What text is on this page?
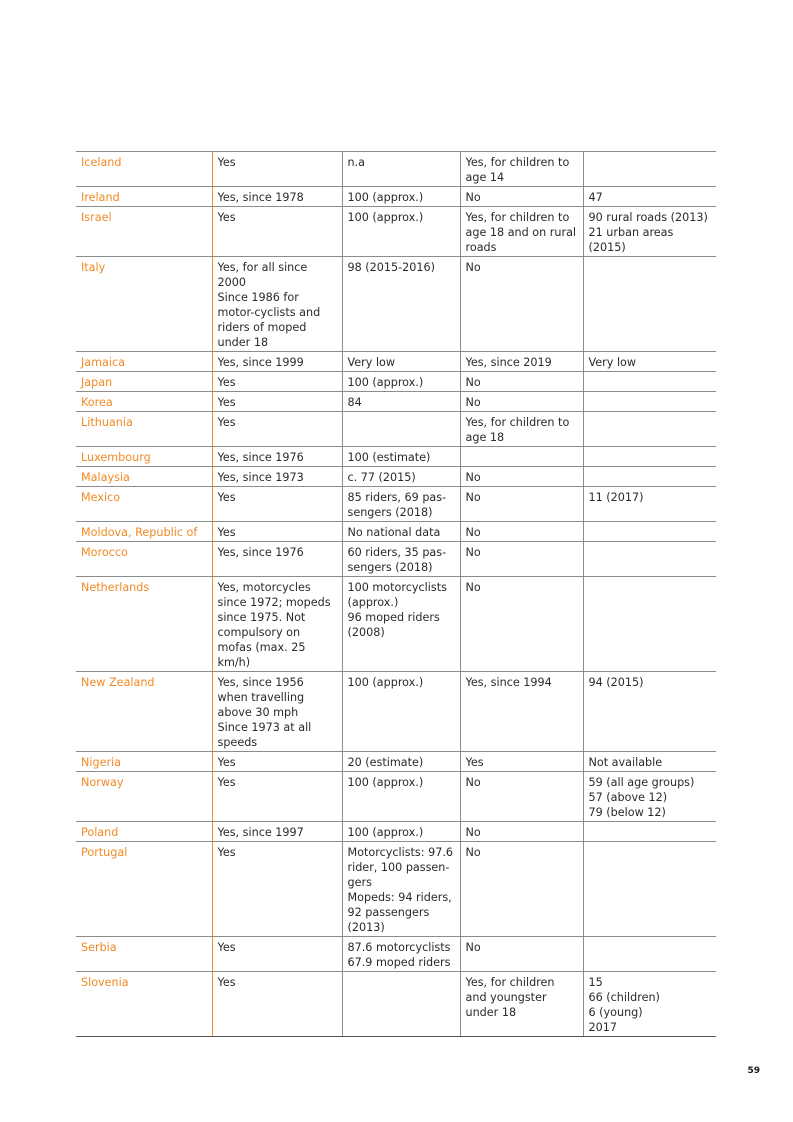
Iceland	Yes	n.a	Yes, for children to age 14	

Ireland	Yes, since 1978	100 (approx.)	No	47

Israel	Yes	100 (approx.)	Yes, for children to age 18 and on rural roads	90 rural roads (2013)
21 urban areas (2015)

Italy	Yes, for all since 2000
Since 1986 for motor-cyclists and riders of moped under 18	98 (2015-2016)	No	

Jamaica	Yes, since 1999	Very low	Yes, since 2019	Very low

Japan	Yes	100 (approx.)	No	

Korea	Yes	84	No	

Lithuania	Yes		Yes, for children to age 18	

Luxembourg	Yes, since 1976	100 (estimate)		

Malaysia	Yes, since 1973	c. 77 (2015)	No	

Mexico	Yes	85 riders, 69 pas-sengers (2018)	No	11 (2017)

Moldova, Republic of	Yes	No national data	No	

Morocco	Yes, since 1976	60 riders, 35 pas-sengers (2018)	No	

Netherlands	Yes, motorcycles since 1972; mopeds since 1975. Not compulsory on mofas (max. 25 km/h)	100 motorcyclists (approx.)
96 moped riders (2008)	No	

New Zealand	Yes, since 1956 when travelling above 30 mph
Since 1973 at all speeds	100 (approx.)	Yes, since 1994	94 (2015)

Nigeria	Yes	20 (estimate)	Yes	Not available

Norway	Yes	100 (approx.)	No	59 (all age groups)
57 (above 12)
79 (below 12)

Poland	Yes, since 1997	100 (approx.)	No	

Portugal	Yes	Motorcyclists: 97.6 rider, 100 passen-gers
Mopeds: 94 riders, 92 passengers (2013)	No	

Serbia	Yes	87.6 motorcyclists
67.9 moped riders	No	

Slovenia	Yes		Yes, for children and youngster under 18	15
66 (children)
6 (young)
2017
59
